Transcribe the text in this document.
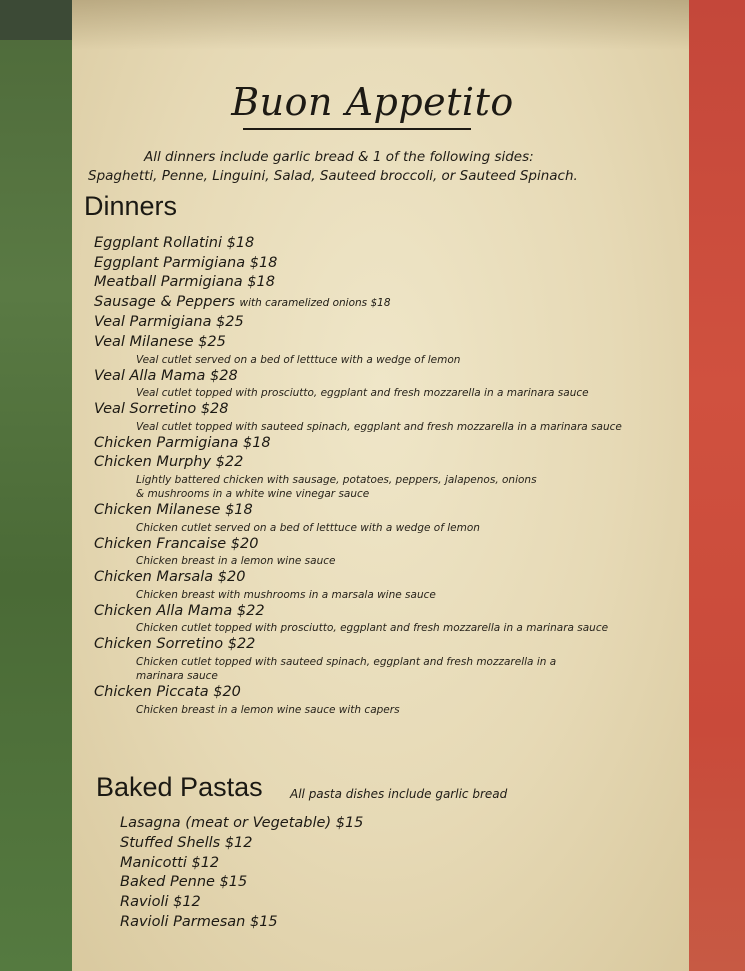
Buon Appetito
All dinners include garlic bread & 1 of the following sides:
Spaghetti, Penne, Linguini, Salad, Sauteed broccoli, or Sauteed Spinach.
Dinners
Eggplant Rollatini $18
Eggplant Parmigiana $18
Meatball Parmigiana $18
Sausage & Peppers with caramelized onions $18
Veal Parmigiana $25
Veal Milanese $25
Veal cutlet served on a bed of letttuce with a wedge of lemon
Veal Alla Mama $28
Veal cutlet topped with prosciutto, eggplant and fresh mozzarella in a marinara sauce
Veal Sorretino $28
Veal cutlet topped with sauteed spinach, eggplant and fresh mozzarella in a marinara sauce
Chicken Parmigiana $18
Chicken Murphy $22
Lightly battered chicken with sausage, potatoes, peppers, jalapenos, onions
& mushrooms in a white wine vinegar sauce
Chicken Milanese $18
Chicken cutlet served on a bed of letttuce with a wedge of lemon
Chicken Francaise $20
Chicken breast in a lemon wine sauce
Chicken Marsala $20
Chicken breast with mushrooms in a marsala wine sauce
Chicken Alla Mama $22
Chicken cutlet topped with prosciutto, eggplant and fresh mozzarella in a marinara sauce
Chicken Sorretino $22
Chicken cutlet topped with sauteed spinach, eggplant and fresh mozzarella in a
marinara sauce
Chicken Piccata $20
Chicken breast in a lemon wine sauce with capers
Baked Pastas All pasta dishes include garlic bread
Lasagna (meat or Vegetable) $15
Stuffed Shells $12
Manicotti $12
Baked Penne $15
Ravioli $12
Ravioli Parmesan $15
